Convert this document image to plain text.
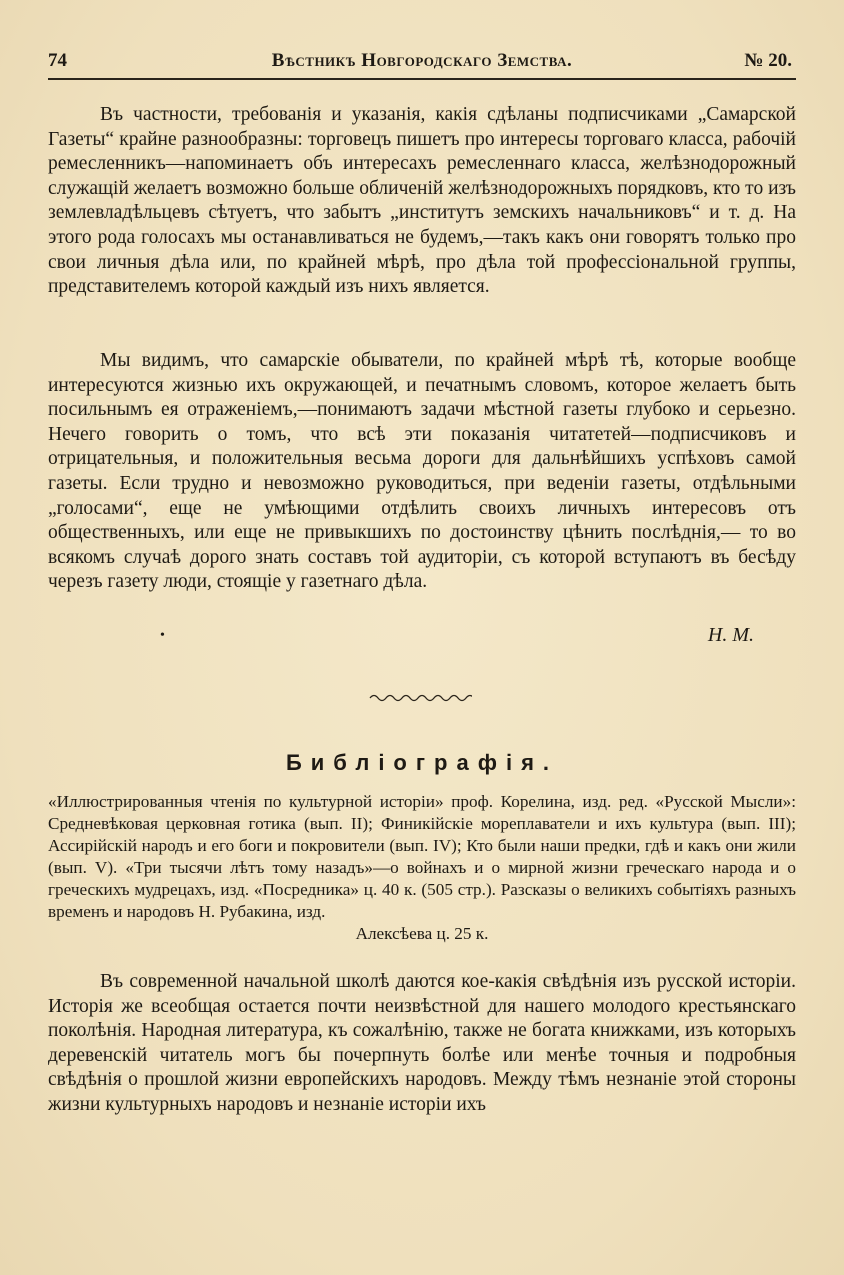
74	Вѣстникъ Новгородскаго Земства.	№ 20.

Въ частности, требованія и указанія, какія сдѣланы подписчиками „Самарской Газеты“ крайне разнообразны: торговецъ пишетъ про интересы торговаго класса, рабочій ремесленникъ—напоминаетъ объ интересахъ ремесленнаго класса, желѣзнодорожный служащій желаетъ возможно больше обличеній желѣзнодорожныхъ порядковъ, кто то изъ землевладѣльцевъ сѣтуетъ, что забытъ „институтъ земскихъ начальниковъ“ и т. д. На этого рода голосахъ мы останавливаться не будемъ,—такъ какъ они говорятъ только про свои личныя дѣла или, по крайней мѣрѣ, про дѣла той профессіональной группы, представителемъ которой каждый изъ нихъ является.

Мы видимъ, что самарскіе обыватели, по крайней мѣрѣ тѣ, которые вообще интересуются жизнью ихъ окружающей, и печатнымъ словомъ, которое желаетъ быть посильнымъ ея отраженіемъ,—понимаютъ задачи мѣстной газеты глубоко и серьезно. Нечего говорить о томъ, что всѣ эти показанія читатетей—подписчиковъ и отрицательныя, и положительныя весьма дороги для дальнѣйшихъ успѣховъ самой газеты. Если трудно и невозможно руководиться, при веденіи газеты, отдѣльными „голосами“, еще не умѣющими отдѣлить своихъ личныхъ интересовъ отъ общественныхъ, или еще не привыкшихъ по достоинству цѣнить послѣднія,— то во всякомъ случаѣ дорого знать составъ той аудиторіи, съ которой вступаютъ въ бесѣду черезъ газету люди, стоящіе у газетнаго дѣла.

•	Н. М.
Библіографія.
«Иллюстрированныя чтенія по культурной исторіи» проф. Корелина, изд. ред. «Русской Мысли»: Средневѣковая церковная готика (вып. II); Финикійскіе мореплаватели и ихъ культура (вып. III); Ассирійскій народъ и его боги и покровители (вып. IV); Кто были наши предки, гдѣ и какъ они жили (вып. V). «Три тысячи лѣтъ тому назадъ»—о войнахъ и о мирной жизни греческаго народа и о греческихъ мудрецахъ, изд. «Посредника» ц. 40 к. (505 стр.). Разсказы о великихъ событіяхъ разныхъ временъ и народовъ Н. Рубакина, изд.
Алексѣева ц. 25 к.

Въ современной начальной школѣ даются кое-какія свѣдѣнія изъ русской исторіи. Исторія же всеобщая остается почти неизвѣстной для нашего молодого крестьянскаго поколѣнія. Народная литература, къ сожалѣнію, также не богата книжками, изъ которыхъ деревенскій читатель могъ бы почерпнуть болѣе или менѣе точныя и подробныя свѣдѣнія о прошлой жизни европейскихъ народовъ. Между тѣмъ незнаніе этой стороны жизни культурныхъ народовъ и незнаніе исторіи ихъ
